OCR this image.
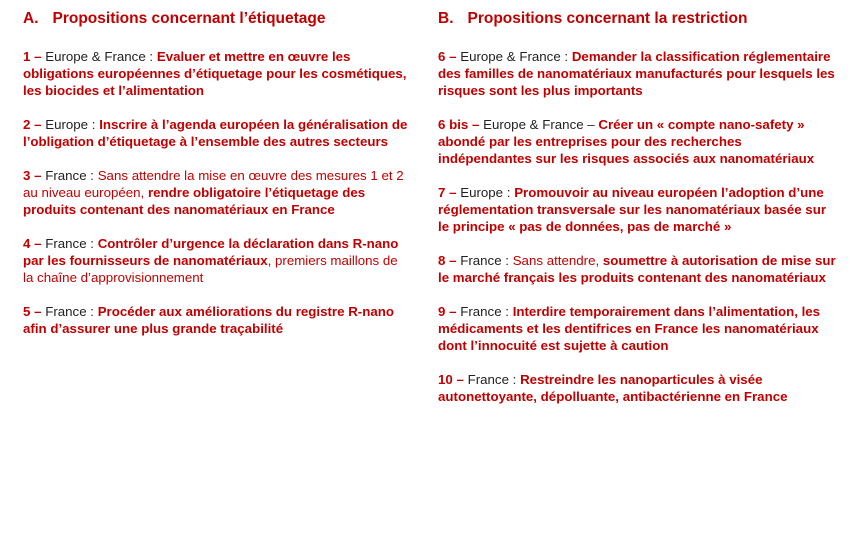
A. Propositions concernant l’étiquetage

1 – Europe & France : Evaluer et mettre en œuvre les obligations européennes d’étiquetage pour les cosmétiques, les biocides et l’alimentation

2 – Europe : Inscrire à l’agenda européen la généralisation de l’obligation d’étiquetage à l’ensemble des autres secteurs

3 – France : Sans attendre la mise en œuvre des mesures 1 et 2 au niveau européen, rendre obligatoire l’étiquetage des produits contenant des nanomatériaux en France

4 – France : Contrôler d’urgence la déclaration dans R-nano par les fournisseurs de nanomatériaux, premiers maillons de la chaîne d’approvisionnement

5 – France : Procéder aux améliorations du registre R-nano afin d’assurer une plus grande traçabilité

B. Propositions concernant la restriction

6 – Europe & France : Demander la classification réglementaire des familles de nanomatériaux manufacturés pour lesquels les risques sont les plus importants

6 bis – Europe & France – Créer un « compte nano-safety » abondé par les entreprises pour des recherches indépendantes sur les risques associés aux nanomatériaux

7 – Europe : Promouvoir au niveau européen l’adoption d’une réglementation transversale sur les nanomatériaux basée sur le principe « pas de données, pas de marché »

8 – France : Sans attendre, soumettre à autorisation de mise sur le marché français les produits contenant des nanomatériaux

9 – France : Interdire temporairement dans l’alimentation, les médicaments et les dentifrices en France les nanomatériaux dont l’innocuité est sujette à caution

10 – France : Restreindre les nanoparticules à visée autonettoyante, dépolluante, antibactérienne en France
